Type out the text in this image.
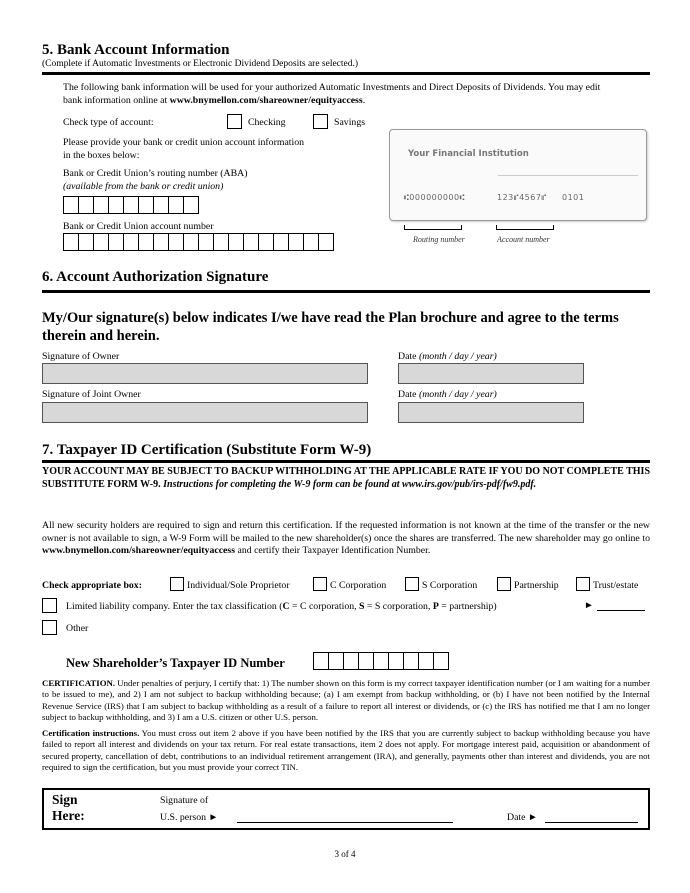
5. Bank Account Information
(Complete if Automatic Investments or Electronic Dividend Deposits are selected.)
The following bank information will be used for your authorized Automatic Investments and Direct Deposits of Dividends. You may edit
bank information online at www.bnymellon.com/shareowner/equityaccess.
Check type of account:	Checking	Savings
Please provide your bank or credit union account information
in the boxes below:
Bank or Credit Union’s routing number (ABA)
(available from the bank or credit union)
Bank or Credit Union account number
Your Financial Institution
⑆000000000⑆	123⑈4567⑈ 0101
Routing number	Account number
6. Account Authorization Signature
My/Our signature(s) below indicates I/we have read the Plan brochure and agree to the terms therein and herein.
Signature of Owner	Date (month / day / year)
Signature of Joint Owner	Date (month / day / year)
7. Taxpayer ID Certification (Substitute Form W-9)
YOUR ACCOUNT MAY BE SUBJECT TO BACKUP WITHHOLDING AT THE APPLICABLE RATE IF YOU DO NOT COMPLETE THIS SUBSTITUTE FORM W-9. Instructions for completing the W-9 form can be found at www.irs.gov/pub/irs-pdf/fw9.pdf.
All new security holders are required to sign and return this certification. If the requested information is not known at the time of the transfer or the new owner is not available to sign, a W-9 Form will be mailed to the new shareholder(s) once the shares are transferred. The new shareholder may go online to www.bnymellon.com/shareowner/equityaccess and certify their Taxpayer Identification Number.
Check appropriate box:	Individual/Sole Proprietor	C Corporation	S Corporation	Partnership	Trust/estate
Limited liability company. Enter the tax classification (C = C corporation, S = S corporation, P = partnership)	►
Other
New Shareholder’s Taxpayer ID Number
CERTIFICATION. Under penalties of perjury, I certify that: 1) The number shown on this form is my correct taxpayer identification number (or I am waiting for a number to be issued to me), and 2) I am not subject to backup withholding because; (a) I am exempt from backup withholding, or (b) I have not been notified by the Internal Revenue Service (IRS) that I am subject to backup withholding as a result of a failure to report all interest or dividends, or (c) the IRS has notified me that I am no longer subject to backup withholding, and 3) I am a U.S. citizen or other U.S. person.
Certification instructions. You must cross out item 2 above if you have been notified by the IRS that you are currently subject to backup withholding because you have failed to report all interest and dividends on your tax return. For real estate transactions, item 2 does not apply. For mortgage interest paid, acquisition or abandonment of secured property, cancellation of debt, contributions to an individual retirement arrangement (IRA), and generally, payments other than interest and dividends, you are not required to sign the certification, but you must provide your correct TIN.
Sign
Here:
Signature of
U.S. person ►	Date ►
3 of 4
